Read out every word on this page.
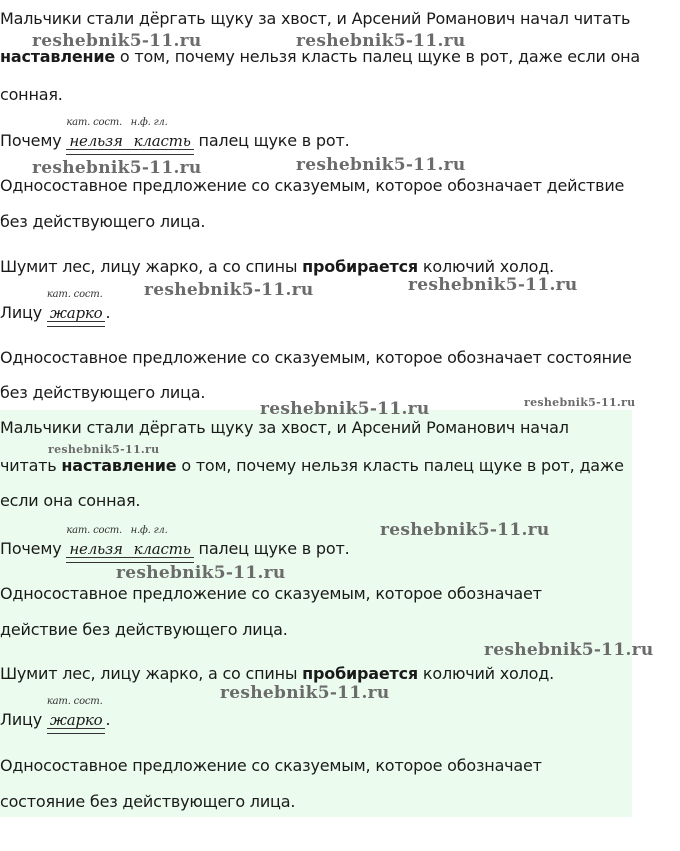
Мальчики стали дёргать щуку за хвост, и Арсений Романович начал читать
наставление о том, почему нельзя класть палец щуке в рот, даже если она
сонная.
Почему
кат. сост.
нельзя
н.ф. гл.
класть
палец щуке в рот.
Односоставное предложение со сказуемым, которое обозначает действие
без действующего лица.
Шумит лес, лицу жарко, а со спины пробирается колючий холод.
Лицу
кат. сост.
жарко .
Односоставное предложение со сказуемым, которое обозначает состояние
без действующего лица.
Мальчики стали дёргать щуку за хвост, и Арсений Романович начал
читать наставление о том, почему нельзя класть палец щуке в рот, даже
если она сонная.
Почему
кат. сост.
нельзя
н.ф. гл.
класть
палец щуке в рот.
Односоставное предложение со сказуемым, которое обозначает
действие без действующего лица.
Шумит лес, лицу жарко, а со спины пробирается колючий холод.
Лицу
кат. сост.
жарко .
Односоставное предложение со сказуемым, которое обозначает
состояние без действующего лица.
reshebnik5-11.ru	reshebnik5-11.ru
reshebnik5-11.ru	reshebnik5-11.ru
reshebnik5-11.ru	reshebnik5-11.ru
reshebnik5-11.ru	reshebnik5-11.ru
reshebnik5-11.ru
reshebnik5-11.ru
reshebnik5-11.ru
reshebnik5-11.ru
reshebnik5-11.ru
